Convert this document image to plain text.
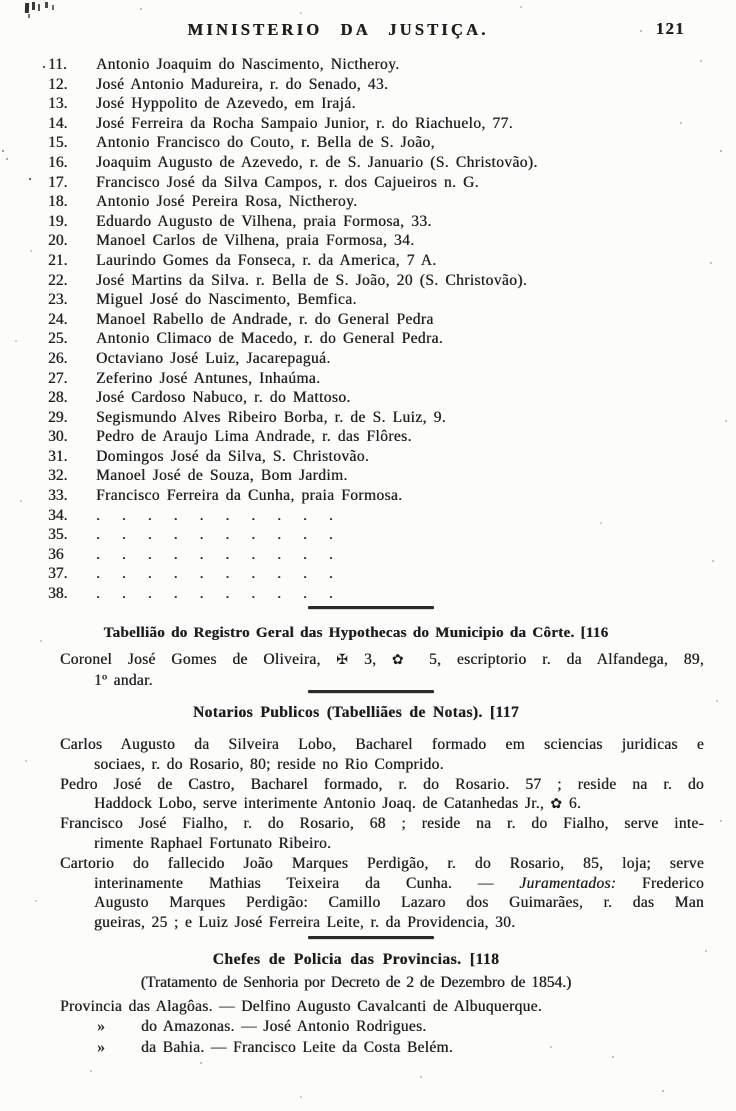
MINISTERIO DA JUSTIÇA.	121
11.	Antonio Joaquim do Nascimento, Nictheroy.
12.	José Antonio Madureira, r. do Senado, 43.
13.	José Hyppolito de Azevedo, em Irajá.
14.	José Ferreira da Rocha Sampaio Junior, r. do Riachuelo, 77.
15.	Antonio Francisco do Couto, r. Bella de S. João,
16.	Joaquim Augusto de Azevedo, r. de S. Januario (S. Christovão).
17.	Francisco José da Silva Campos, r. dos Cajueiros n. G.
18.	Antonio José Pereira Rosa, Nictheroy.
19.	Eduardo Augusto de Vilhena, praia Formosa, 33.
20.	Manoel Carlos de Vilhena, praia Formosa, 34.
21.	Laurindo Gomes da Fonseca, r. da America, 7 A.
22.	José Martins da Silva. r. Bella de S. João, 20 (S. Christovão).
23.	Miguel José do Nascimento, Bemfica.
24.	Manoel Rabello de Andrade, r. do General Pedra
25.	Antonio Climaco de Macedo, r. do General Pedra.
26.	Octaviano José Luiz, Jacarepaguá.
27.	Zeferino José Antunes, Inhaúma.
28.	José Cardoso Nabuco, r. do Mattoso.
29.	Segismundo Alves Ribeiro Borba, r. de S. Luiz, 9.
30.	Pedro de Araujo Lima Andrade, r. das Flôres.
31.	Domingos José da Silva, S. Christovão.
32.	Manoel José de Souza, Bom Jardim.
33.	Francisco Ferreira da Cunha, praia Formosa.
34.	..........
35.	..........
36	..........
37.	..........
38.	..........
Tabellião do Registro Geral das Hypothecas do Municipio da Côrte. [116
Coronel José Gomes de Oliveira, ✠ 3, ✿ 5, escriptorio r. da Alfandega, 89,
1º andar.
Notarios Publicos (Tabelliães de Notas). [117
Carlos Augusto da Silveira Lobo, Bacharel formado em sciencias juridicas e
sociaes, r. do Rosario, 80; reside no Rio Comprido.
Pedro José de Castro, Bacharel formado, r. do Rosario. 57 ; reside na r. do
Haddock Lobo, serve interimente Antonio Joaq. de Catanhedas Jr., ✿ 6.
Francisco José Fialho, r. do Rosario, 68 ; reside na r. do Fialho, serve inte-
rimente Raphael Fortunato Ribeiro.
Cartorio do fallecido João Marques Perdigão, r. do Rosario, 85, loja; serve
interinamente Mathias Teixeira da Cunha. — Juramentados: Frederico
Augusto Marques Perdigão: Camillo Lazaro dos Guimarães, r. das Man
gueiras, 25 ; e Luiz José Ferreira Leite, r. da Providencia, 30.
Chefes de Policia das Provincias. [118
(Tratamento de Senhoria por Decreto de 2 de Dezembro de 1854.)
Provincia das Alagôas. — Delfino Augusto Cavalcanti de Albuquerque.
» do Amazonas. — José Antonio Rodrigues.
» da Bahia. — Francisco Leite da Costa Belém.
